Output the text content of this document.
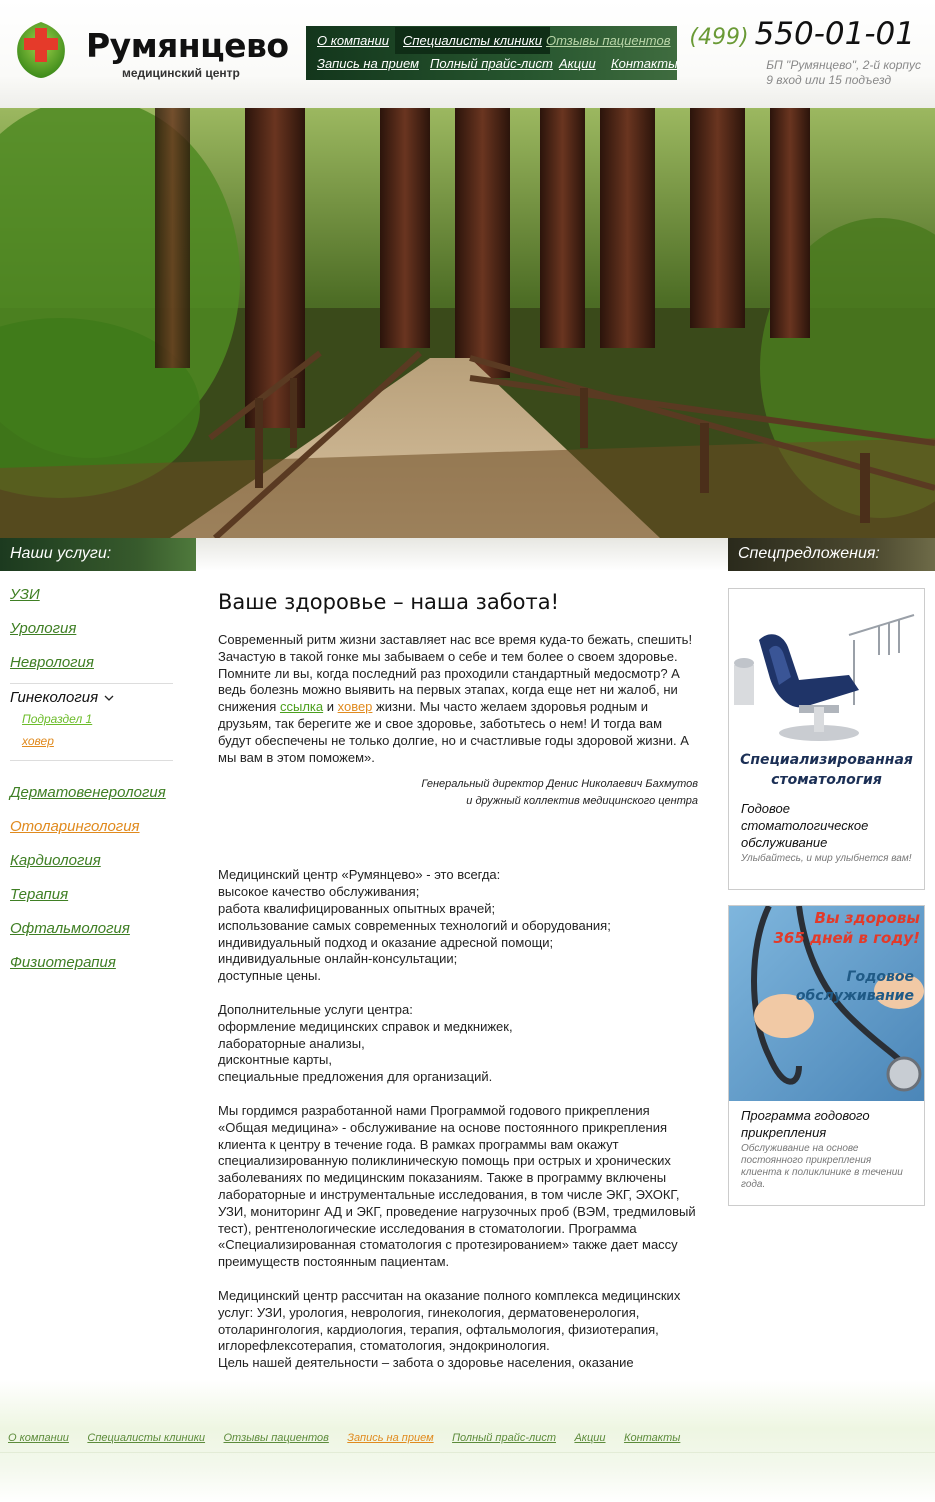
Румянцево
медицинский центр
О компании	Специалисты клиники Отзывы пациентов
Запись на прием Полный прайс-лист Акции Контакты
(499) 550-01-01
БП "Румянцево", 2-й корпус
9 вход или 15 подъезд
Наши услуги:	Спецпредложения:
УЗИ
Урология
Неврология
Гинекология
Подраздел 1
ховер
Дерматовенерология
Отоларингология
Кардиология
Терапия
Офтальмология
Физиотерапия
Ваше здоровье – наша забота!

Современный ритм жизни заставляет нас все время куда-то бежать, спешить! Зачастую в такой гонке мы забываем о себе и тем более о своем здоровье. Помните ли вы, когда последний раз проходили стандартный медосмотр? А ведь болезнь можно выявить на первых этапах, когда еще нет ни жалоб, ни снижения ссылка и ховер жизни. Мы часто желаем здоровья родным и друзьям, так берегите же и свое здоровье, заботьтесь о нем! И тогда вам будут обеспечены не только долгие, но и счастливые годы здоровой жизни. А мы вам в этом поможем».

Генеральный директор Денис Николаевич Бахмутов
и дружный коллектив медицинского центра
Медицинский центр «Румянцево» - это всегда:
высокое качество обслуживания;
работа квалифицированных опытных врачей;
использование самых современных технологий и оборудования;
индивидуальный подход и оказание адресной помощи;
индивидуальные онлайн-консультации;
доступные цены.
Дополнительные услуги центра:
оформление медицинских справок и медкнижек,
лабораторные анализы,
дисконтные карты,
специальные предложения для организаций.

Мы гордимся разработанной нами Программой годового прикрепления «Общая медицина» - обслуживание на основе постоянного прикрепления клиента к центру в течение года. В рамках программы вам окажут специализированную поликлиническую помощь при острых и хронических заболеваниях по медицинским показаниям. Также в программу включены лабораторные и инструментальные исследования, в том числе ЭКГ, ЭХОКГ, УЗИ, мониторинг АД и ЭКГ, проведение нагрузочных проб (ВЭМ, тредмиловый тест), рентгенологические исследования в стоматологии. Программа «Специализированная стоматология с протезированием» также дает массу преимуществ постоянным пациентам.

Медицинский центр рассчитан на оказание полного комплекса медицинских услуг: УЗИ, урология, неврология, гинекология, дерматовенерология, отоларингология, кардиология, терапия, офтальмология, физиотерапия, иглорефлексотерапия, стоматология, эндокринология.
Цель нашей деятельности – забота о здоровье населения, оказание
Специализированная
стоматология
Годовое стоматологическое обслуживание
Улыбайтесь, и мир улыбнется вам!
Вы здоровы
365 дней в году!
Годовое
обслуживание
Программа годового прикрепления
Обслуживание на основе постоянного прикрепления клиента к поликлинике в течении года.
О компании Специалисты клиники Отзывы пациентов Запись на прием Полный прайс-лист Акции Контакты
